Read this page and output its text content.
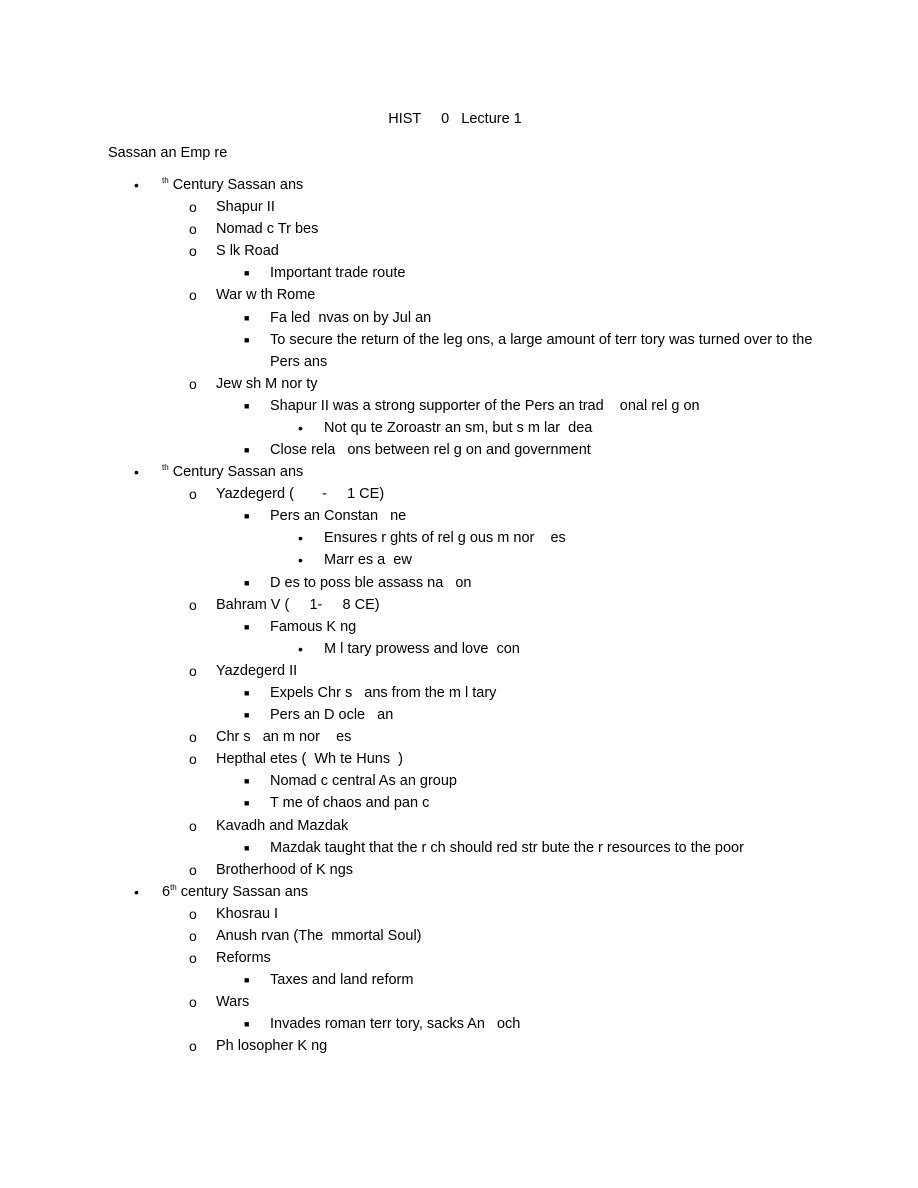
HIST     0   Lecture 1
Sassan an Emp re
•	$^{th}$ Century Sassan ans
o Shapur II
o Nomad c Tr bes
o S lk Road
■ Important trade route
o War w th Rome
■ Fa led  nvas on by Jul an
■ To secure the return of the leg ons, a large amount of terr tory was turned over to the Pers ans
o Jew sh M nor ty
■ Shapur II was a strong supporter of the Pers an trad    onal rel g on
• Not qu te Zoroastr an sm, but s m lar  dea
■ Close rela   ons between rel g on and government
•	$^{th}$ Century Sassan ans
o Yazdegerd (       -     1 CE)
■ Pers an Constan   ne
• Ensures r ghts of rel g ous m nor    es
• Marr es a  ew
■ D es to poss ble assass na   on
o Bahram V (     1-     8 CE)
■ Famous K ng
• M l tary prowess and love  con
o Yazdegerd II
■ Expels Chr s   ans from the m l tary
■ Pers an D ocle   an
o Chr s   an m nor    es
o Hepthal etes (  Wh te Huns  )
■ Nomad c central As an group
■ T me of chaos and pan c
o Kavadh and Mazdak
■ Mazdak taught that the r ch should red str bute the r resources to the poor
o Brotherhood of K ngs
• 6th century Sassan ans
o Khosrau I
o Anush rvan (The  mmortal Soul)
o Reforms
■ Taxes and land reform
o Wars
■ Invades roman terr tory, sacks An   och
o Ph losopher K ng
